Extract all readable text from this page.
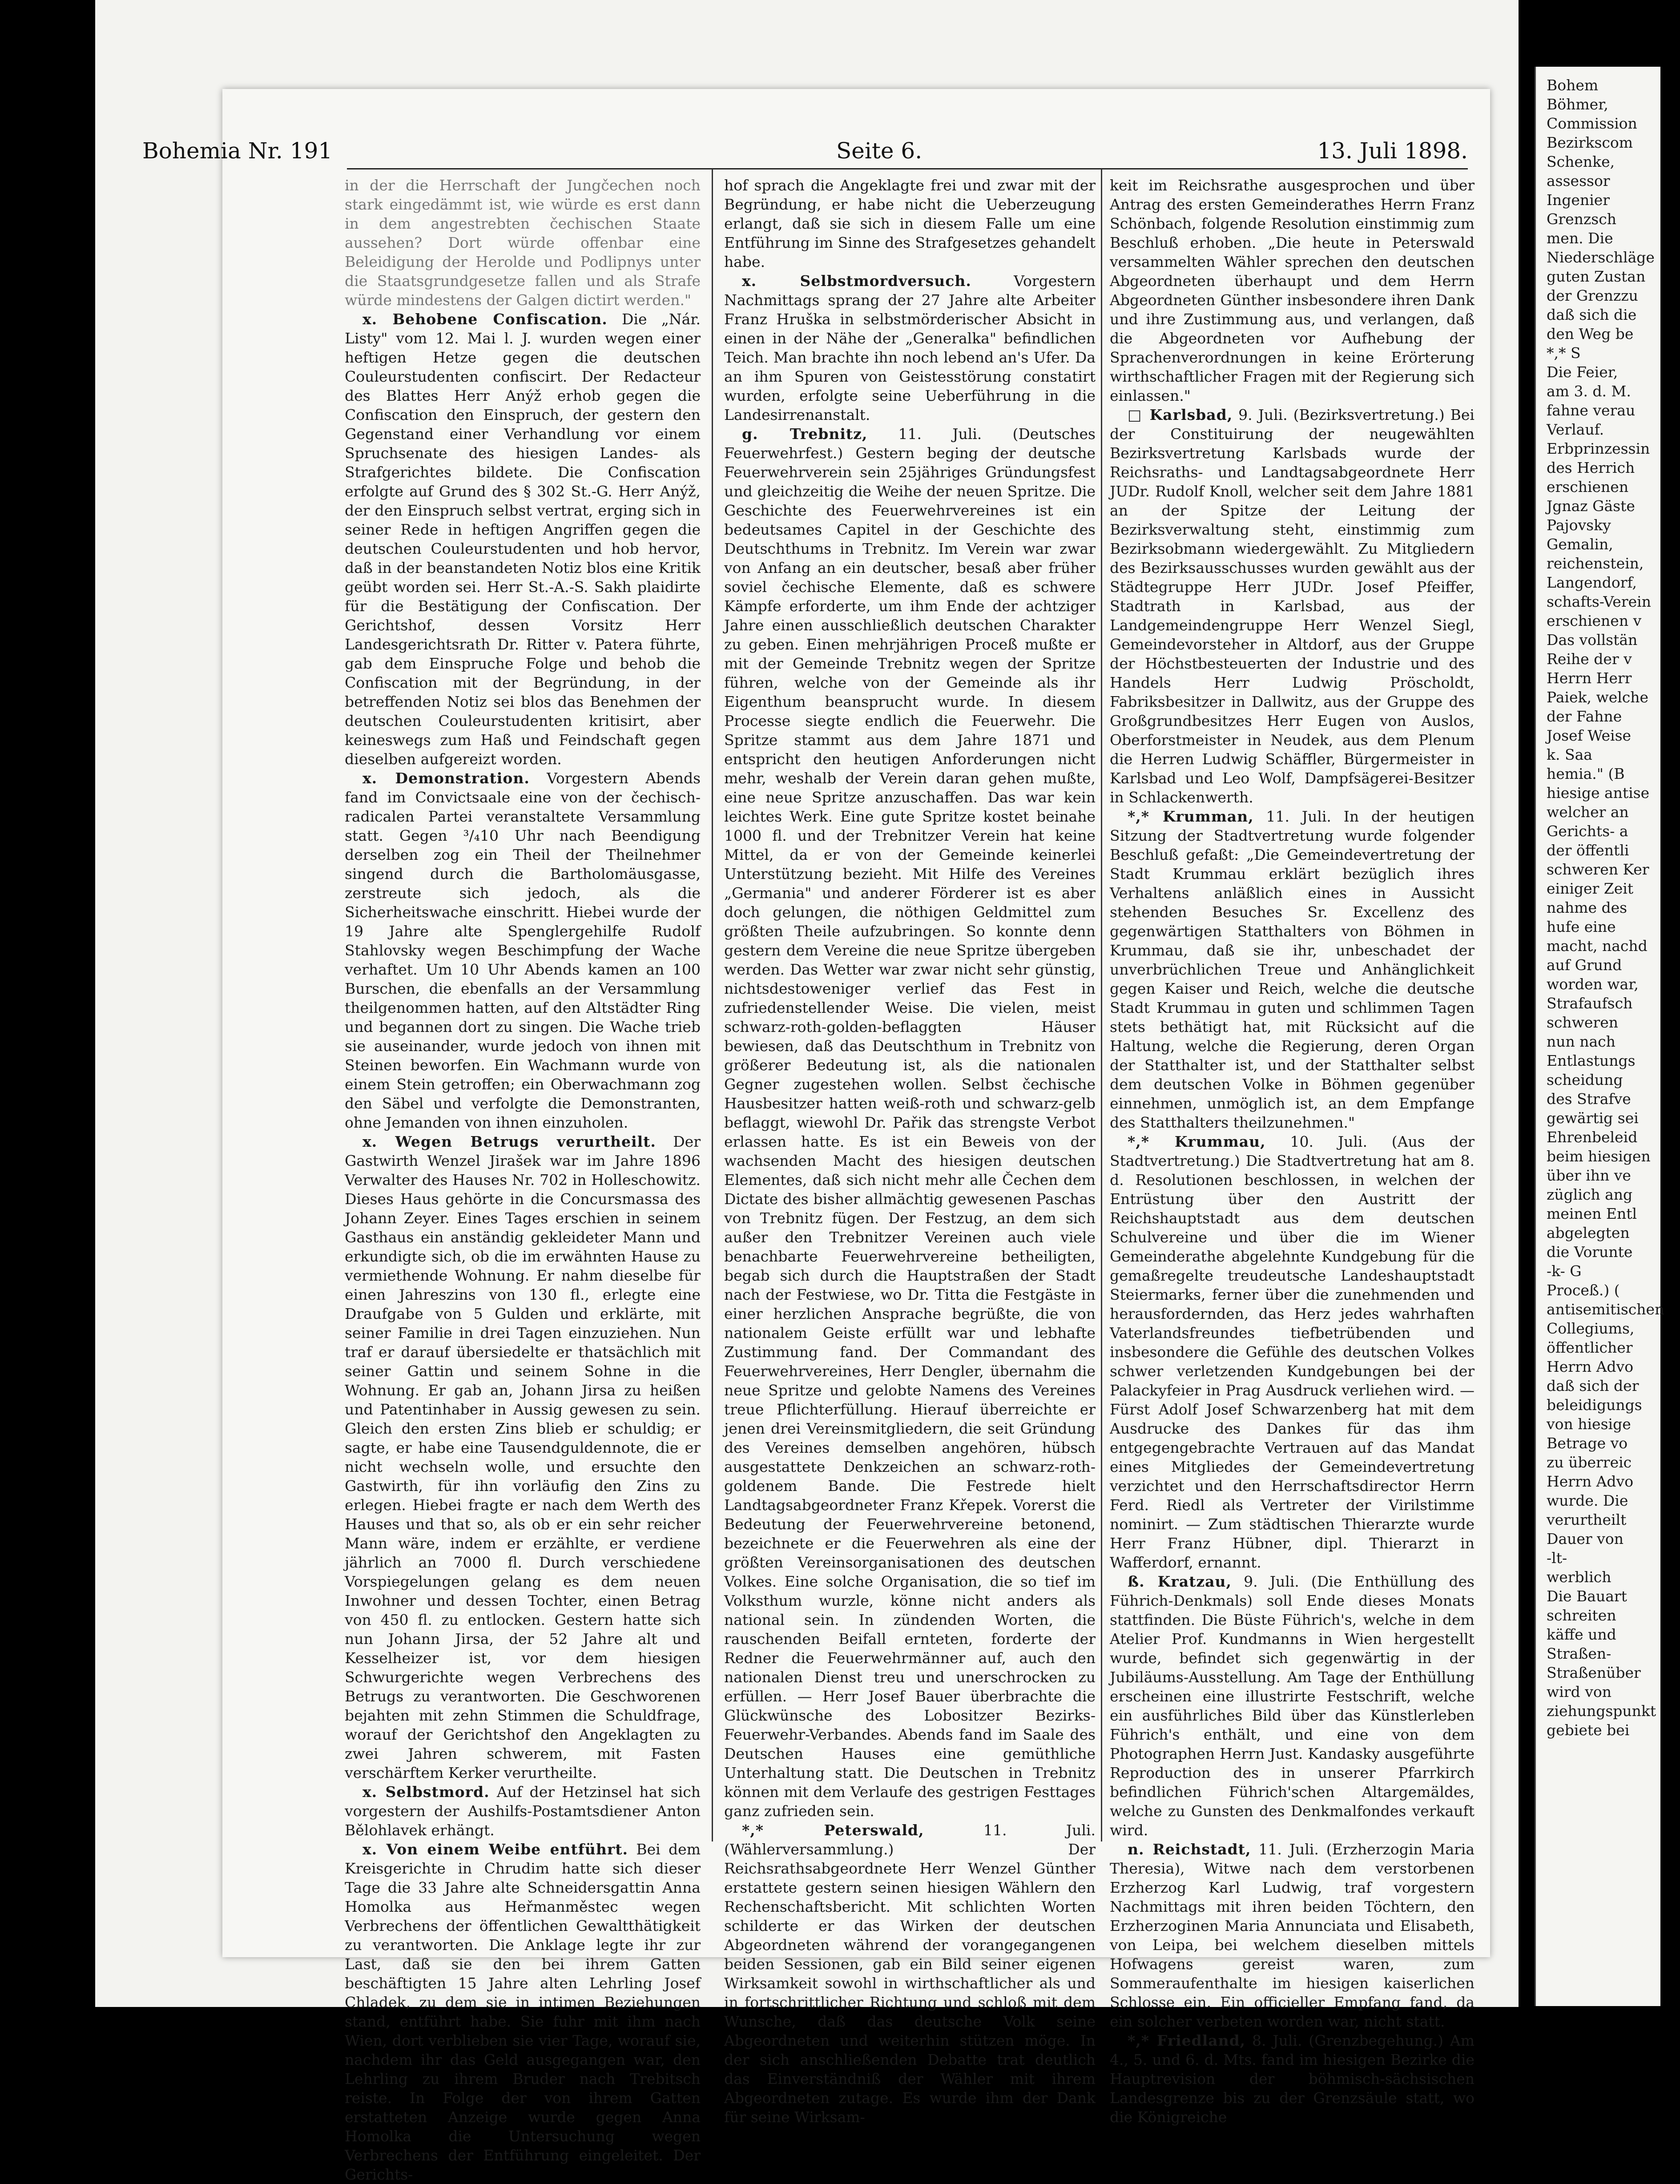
Bohem
Böhmer,
Commission
Bezirkscom
Schenke,
assessor
Ingenier
Grenzsch
men. Die
Niederschläge
guten Zustan
der Grenzzu
daß sich die
den Weg be
*,* S
Die Feier,
am 3. d. M.
fahne verau
Verlauf.
Erbprinzessin
des Herrich
erschienen
Jgnaz Gäste
Pajovsky
Gemalin,
reichenstein,
Langendorf,
schafts-Verein
erschienen v
Das vollstän
Reihe der v
Herrn Herr
Paiek, welche
der Fahne
Josef Weise
k. Saa
hemia." (B
hiesige antise
welcher an
Gerichts- a
der öffentli
schweren Ker
einiger Zeit
nahme des
hufe eine
macht, nachd
auf Grund
worden war,
Strafaufsch
schweren
nun nach
Entlastungs
scheidung
des Strafve
gewärtig sei
Ehrenbeleid
beim hiesigen
über ihn ve
züglich ang
meinen Entl
abgelegten
die Vorunte
-k- G
Proceß.) (
antisemitischen
Collegiums,
öffentlicher
Herrn Advo
daß sich der
beleidigungs
von hiesige
Betrage vo
zu überreic
Herrn Advo
wurde. Die
verurtheilt
Dauer von
-lt-
werblich
Die Bauart
schreiten
käffe und
Straßen-
Straßenüber
wird von
ziehungspunkt
gebiete bei
Bohemia Nr. 191	Seite 6.	13. Juli 1898.

in der die Herrschaft der Jungčechen noch stark eingedämmt ist, wie würde es erst dann in dem angestrebten čechischen Staate aussehen? Dort würde offenbar eine Beleidigung der Herolde und Podlipnys unter die Staatsgrundgesetze fallen und als Strafe würde mindestens der Galgen dictirt werden."

x. Behobene Confiscation. Die „Nár. Listy" vom 12. Mai l. J. wurden wegen einer heftigen Hetze gegen die deutschen Couleurstudenten confiscirt. Der Redacteur des Blattes Herr Anýž erhob gegen die Confiscation den Einspruch, der gestern den Gegenstand einer Verhandlung vor einem Spruchsenate des hiesigen Landes- als Strafgerichtes bildete. Die Confiscation erfolgte auf Grund des § 302 St.-G. Herr Anýž, der den Einspruch selbst vertrat, erging sich in seiner Rede in heftigen Angriffen gegen die deutschen Couleurstudenten und hob hervor, daß in der beanstandeten Notiz blos eine Kritik geübt worden sei. Herr St.-A.-S. Sakh plaidirte für die Bestätigung der Confiscation. Der Gerichtshof, dessen Vorsitz Herr Landesgerichtsrath Dr. Ritter v. Patera führte, gab dem Einspruche Folge und behob die Confiscation mit der Begründung, in der betreffenden Notiz sei blos das Benehmen der deutschen Couleurstudenten kritisirt, aber keineswegs zum Haß und Feindschaft gegen dieselben aufgereizt worden.

x. Demonstration. Vorgestern Abends fand im Convictsaale eine von der čechisch-radicalen Partei veranstaltete Versammlung statt. Gegen ³/₄10 Uhr nach Beendigung derselben zog ein Theil der Theilnehmer singend durch die Bartholomäusgasse, zerstreute sich jedoch, als die Sicherheitswache einschritt. Hiebei wurde der 19 Jahre alte Spenglergehilfe Rudolf Stahlovsky wegen Beschimpfung der Wache verhaftet. Um 10 Uhr Abends kamen an 100 Burschen, die ebenfalls an der Versammlung theilgenommen hatten, auf den Altstädter Ring und begannen dort zu singen. Die Wache trieb sie auseinander, wurde jedoch von ihnen mit Steinen beworfen. Ein Wachmann wurde von einem Stein getroffen; ein Oberwachmann zog den Säbel und verfolgte die Demonstranten, ohne Jemanden von ihnen einzuholen.

x. Wegen Betrugs verurtheilt. Der Gastwirth Wenzel Jirašek war im Jahre 1896 Verwalter des Hauses Nr. 702 in Holleschowitz. Dieses Haus gehörte in die Concursmassa des Johann Zeyer. Eines Tages erschien in seinem Gasthaus ein anständig gekleideter Mann und erkundigte sich, ob die im erwähnten Hause zu vermiethende Wohnung. Er nahm dieselbe für einen Jahreszins von 130 fl., erlegte eine Draufgabe von 5 Gulden und erklärte, mit seiner Familie in drei Tagen einzuziehen. Nun traf er darauf übersiedelte er thatsächlich mit seiner Gattin und seinem Sohne in die Wohnung. Er gab an, Johann Jirsa zu heißen und Patentinhaber in Aussig gewesen zu sein. Gleich den ersten Zins blieb er schuldig; er sagte, er habe eine Tausendguldennote, die er nicht wechseln wolle, und ersuchte den Gastwirth, für ihn vorläufig den Zins zu erlegen. Hiebei fragte er nach dem Werth des Hauses und that so, als ob er ein sehr reicher Mann wäre, indem er erzählte, er verdiene jährlich an 7000 fl. Durch verschiedene Vorspiegelungen gelang es dem neuen Inwohner und dessen Tochter, einen Betrag von 450 fl. zu entlocken. Gestern hatte sich nun Johann Jirsa, der 52 Jahre alt und Kesselheizer ist, vor dem hiesigen Schwurgerichte wegen Verbrechens des Betrugs zu verantworten. Die Geschworenen bejahten mit zehn Stimmen die Schuldfrage, worauf der Gerichtshof den Angeklagten zu zwei Jahren schwerem, mit Fasten verschärftem Kerker verurtheilte.

x. Selbstmord. Auf der Hetzinsel hat sich vorgestern der Aushilfs-Postamtsdiener Anton Bělohlavek erhängt.

x. Von einem Weibe entführt. Bei dem Kreisgerichte in Chrudim hatte sich dieser Tage die 33 Jahre alte Schneidersgattin Anna Homolka aus Heřmanměstec wegen Verbrechens der öffentlichen Gewaltthätigkeit zu verantworten. Die Anklage legte ihr zur Last, daß sie den bei ihrem Gatten beschäftigten 15 Jahre alten Lehrling Josef Chladek, zu dem sie in intimen Beziehungen stand, entführt habe. Sie fuhr mit ihm nach Wien, dort verblieben sie vier Tage, worauf sie, nachdem ihr das Geld ausgegangen war, den Lehrling zu ihrem Bruder nach Trebitsch reiste. In Folge der von ihrem Gatten erstatteten Anzeige wurde gegen Anna Homolka die Untersuchung wegen Verbrechens der Entführung eingeleitet. Der Gerichts-

hof sprach die Angeklagte frei und zwar mit der Begründung, er habe nicht die Ueberzeugung erlangt, daß sie sich in diesem Falle um eine Entführung im Sinne des Strafgesetzes gehandelt habe.

x. Selbstmordversuch.	Vorgestern Nachmittags sprang der 27 Jahre alte Arbeiter Franz Hruška in selbstmörderischer Absicht in einen in der Nähe der „Generalka" befindlichen Teich. Man brachte ihn noch lebend an's Ufer. Da an ihm Spuren von Geistesstörung constatirt wurden, erfolgte seine Ueberführung in die Landesirrenanstalt.

g. Trebnitz, 11. Juli. (Deutsches Feuerwehrfest.) Gestern beging der deutsche Feuerwehrverein sein 25jähriges Gründungsfest und gleichzeitig die Weihe der neuen Spritze. Die Geschichte des Feuerwehrvereines ist ein bedeutsames Capitel in der Geschichte des Deutschthums in Trebnitz. Im Verein war zwar von Anfang an ein deutscher, besaß aber früher soviel čechische Elemente, daß es schwere Kämpfe erforderte, um ihm Ende der achtziger Jahre einen ausschließlich deutschen Charakter zu geben. Einen mehrjährigen Proceß mußte er mit der Gemeinde Trebnitz wegen der Spritze führen, welche von der Gemeinde als ihr Eigenthum beansprucht wurde. In diesem Processe siegte endlich die Feuerwehr. Die Spritze stammt aus dem Jahre 1871 und entspricht den heutigen Anforderungen nicht mehr, weshalb der Verein daran gehen mußte, eine neue Spritze anzuschaffen. Das war kein leichtes Werk. Eine gute Spritze kostet beinahe 1000 fl. und der Trebnitzer Verein hat keine Mittel, da er von der Gemeinde keinerlei Unterstützung bezieht. Mit Hilfe des Vereines „Germania" und anderer Förderer ist es aber doch gelungen, die nöthigen Geldmittel zum größten Theile aufzubringen. So konnte denn gestern dem Vereine die neue Spritze übergeben werden. Das Wetter war zwar nicht sehr günstig, nichtsdestoweniger verlief das Fest in zufriedenstellender Weise. Die vielen, meist schwarz-roth-golden-beflaggten Häuser bewiesen, daß das Deutschthum in Trebnitz von größerer Bedeutung ist, als die nationalen Gegner zugestehen wollen. Selbst čechische Hausbesitzer hatten weiß-roth und schwarz-gelb beflaggt, wiewohl Dr. Pařik das strengste Verbot erlassen hatte. Es ist ein Beweis von der wachsenden Macht des hiesigen deutschen Elementes, daß sich nicht mehr alle Čechen dem Dictate des bisher allmächtig gewesenen Paschas von Trebnitz fügen. Der Festzug, an dem sich außer den Trebnitzer Vereinen auch viele benachbarte Feuerwehrvereine betheiligten, begab sich durch die Hauptstraßen der Stadt nach der Festwiese, wo Dr. Titta die Festgäste in einer herzlichen Ansprache begrüßte, die von nationalem Geiste erfüllt war und lebhafte Zustimmung fand. Der Commandant des Feuerwehrvereines, Herr Dengler, übernahm die neue Spritze und gelobte Namens des Vereines treue Pflichterfüllung. Hierauf überreichte er jenen drei Vereinsmitgliedern, die seit Gründung des Vereines demselben angehören, hübsch ausgestattete Denkzeichen an schwarz-roth-goldenem Bande. Die Festrede hielt Landtagsabgeordneter Franz Křepek. Vorerst die Bedeutung der Feuerwehrvereine betonend, bezeichnete er die Feuerwehren als eine der größten Vereinsorganisationen des deutschen Volkes. Eine solche Organisation, die so tief im Volksthum wurzle, könne nicht anders als national sein. In zündenden Worten, die rauschenden Beifall ernteten, forderte der Redner die Feuerwehrmänner auf, auch den nationalen Dienst treu und unerschrocken zu erfüllen. — Herr Josef Bauer überbrachte die Glückwünsche des Lobositzer Bezirks-Feuerwehr-Verbandes. Abends fand im Saale des Deutschen Hauses eine gemüthliche Unterhaltung statt. Die Deutschen in Trebnitz können mit dem Verlaufe des gestrigen Festtages ganz zufrieden sein.

*,* Peterswald,	11. Juli. (Wählerversammlung.) Der Reichsrathsabgeordnete Herr Wenzel Günther erstattete gestern seinen hiesigen Wählern den Rechenschaftsbericht. Mit schlichten Worten schilderte er das Wirken der deutschen Abgeordneten während der vorangegangenen beiden Sessionen, gab ein Bild seiner eigenen Wirksamkeit sowohl in wirthschaftlicher als und in fortschrittlicher Richtung und schloß mit dem Wunsche, daß das deutsche Volk seine Abgeordneten und weiterhin stützen möge. In der sich anschließenden Debatte trat deutlich das Einverständniß der Wähler mit ihrem Abgeordneten zutage. Es wurde ihm der Dank für seine Wirksam-

keit im Reichsrathe ausgesprochen und über Antrag des ersten Gemeinderathes Herrn Franz Schönbach, folgende Resolution einstimmig zum Beschluß erhoben. „Die heute in Peterswald versammelten Wähler sprechen den deutschen Abgeordneten überhaupt und dem Herrn Abgeordneten Günther insbesondere ihren Dank und ihre Zustimmung aus, und verlangen, daß die Abgeordneten vor Aufhebung der Sprachenverordnungen in keine Erörterung wirthschaftlicher Fragen mit der Regierung sich einlassen."

□ Karlsbad, 9. Juli. (Bezirksvertretung.) Bei der Constituirung der neugewählten Bezirksvertretung Karlsbads wurde der Reichsraths- und Landtagsabgeordnete Herr JUDr. Rudolf Knoll, welcher seit dem Jahre 1881 an der Spitze der Leitung der Bezirksverwaltung steht, einstimmig zum Bezirksobmann wiedergewählt. Zu Mitgliedern des Bezirksausschusses wurden gewählt aus der Städtegruppe Herr JUDr. Josef Pfeiffer, Stadtrath in Karlsbad, aus der Landgemeindengruppe Herr Wenzel Siegl, Gemeindevorsteher in Altdorf, aus der Gruppe der Höchstbesteuerten der Industrie und des Handels Herr Ludwig Pröscholdt, Fabriksbesitzer in Dallwitz, aus der Gruppe des Großgrundbesitzes Herr Eugen von Auslos, Oberforstmeister in Neudek, aus dem Plenum die Herren Ludwig Schäffler, Bürgermeister in Karlsbad und Leo Wolf, Dampfsägerei-Besitzer in Schlackenwerth.

*,* Krumman, 11. Juli. In der heutigen Sitzung der Stadtvertretung wurde folgender Beschluß gefaßt: „Die Gemeindevertretung der Stadt Krummau erklärt bezüglich ihres Verhaltens anläßlich eines in Aussicht stehenden Besuches Sr. Excellenz des gegenwärtigen Statthalters von Böhmen in Krummau, daß sie ihr, unbeschadet der unverbrüchlichen Treue und Anhänglichkeit gegen Kaiser und Reich, welche die deutsche Stadt Krummau in guten und schlimmen Tagen stets bethätigt hat, mit Rücksicht auf die Haltung, welche die Regierung, deren Organ der Statthalter ist, und der Statthalter selbst dem deutschen Volke in Böhmen gegenüber einnehmen, unmöglich ist, an dem Empfange des Statthalters theilzunehmen."

*,* Krummau, 10. Juli. (Aus der Stadtvertretung.) Die Stadtvertretung hat am 8. d. Resolutionen beschlossen, in welchen der Entrüstung über den Austritt der Reichshauptstadt aus dem deutschen Schulvereine und über die im Wiener Gemeinderathe abgelehnte Kundgebung für die gemaßregelte treudeutsche Landeshauptstadt Steiermarks, ferner über die zunehmenden und herausfordernden, das Herz jedes wahrhaften Vaterlandsfreundes tiefbetrübenden und insbesondere die Gefühle des deutschen Volkes schwer verletzenden Kundgebungen bei der Palackyfeier in Prag Ausdruck verliehen wird. — Fürst Adolf Josef Schwarzenberg hat mit dem Ausdrucke des Dankes für das ihm entgegengebrachte Vertrauen auf das Mandat eines Mitgliedes der Gemeindevertretung verzichtet und den Herrschaftsdirector Herrn Ferd. Riedl als Vertreter der Virilstimme nominirt. — Zum städtischen Thierarzte wurde Herr Franz Hübner, dipl. Thierarzt in Wafferdorf, ernannt.

ß. Kratzau, 9. Juli. (Die Enthüllung des Führich-Denkmals) soll Ende dieses Monats stattfinden. Die Büste Führich's, welche in dem Atelier Prof. Kundmanns in Wien hergestellt wurde, befindet sich gegenwärtig in der Jubiläums-Ausstellung. Am Tage der Enthüllung erscheinen eine illustrirte Festschrift, welche ein ausführliches Bild über das Künstlerleben Führich's enthält, und eine von dem Photographen Herrn Just. Kandasky ausgeführte Reproduction des in unserer Pfarrkirch befindlichen Führich'schen Altargemäldes, welche zu Gunsten des Denkmalfondes verkauft wird.

n. Reichstadt, 11. Juli. (Erzherzogin Maria Theresia), Witwe nach dem verstorbenen Erzherzog Karl Ludwig, traf vorgestern Nachmittags mit ihren beiden Töchtern, den Erzherzoginen Maria Annunciata und Elisabeth, von Leipa, bei welchem dieselben mittels Hofwagens gereist waren, zum Sommeraufenthalte im hiesigen kaiserlichen Schlosse ein. Ein officieller Empfang fand, da ein solcher verbeten worden war, nicht statt.

*,* Friedland, 8. Juli. (Grenzbegehung.) Am 4., 5. und 6. d. Mts. fand im hiesigen Bezirke die Hauptrevision der böhmisch-sächsischen Landesgrenze bis zu der Grenzsäule statt, wo die Königreiche
